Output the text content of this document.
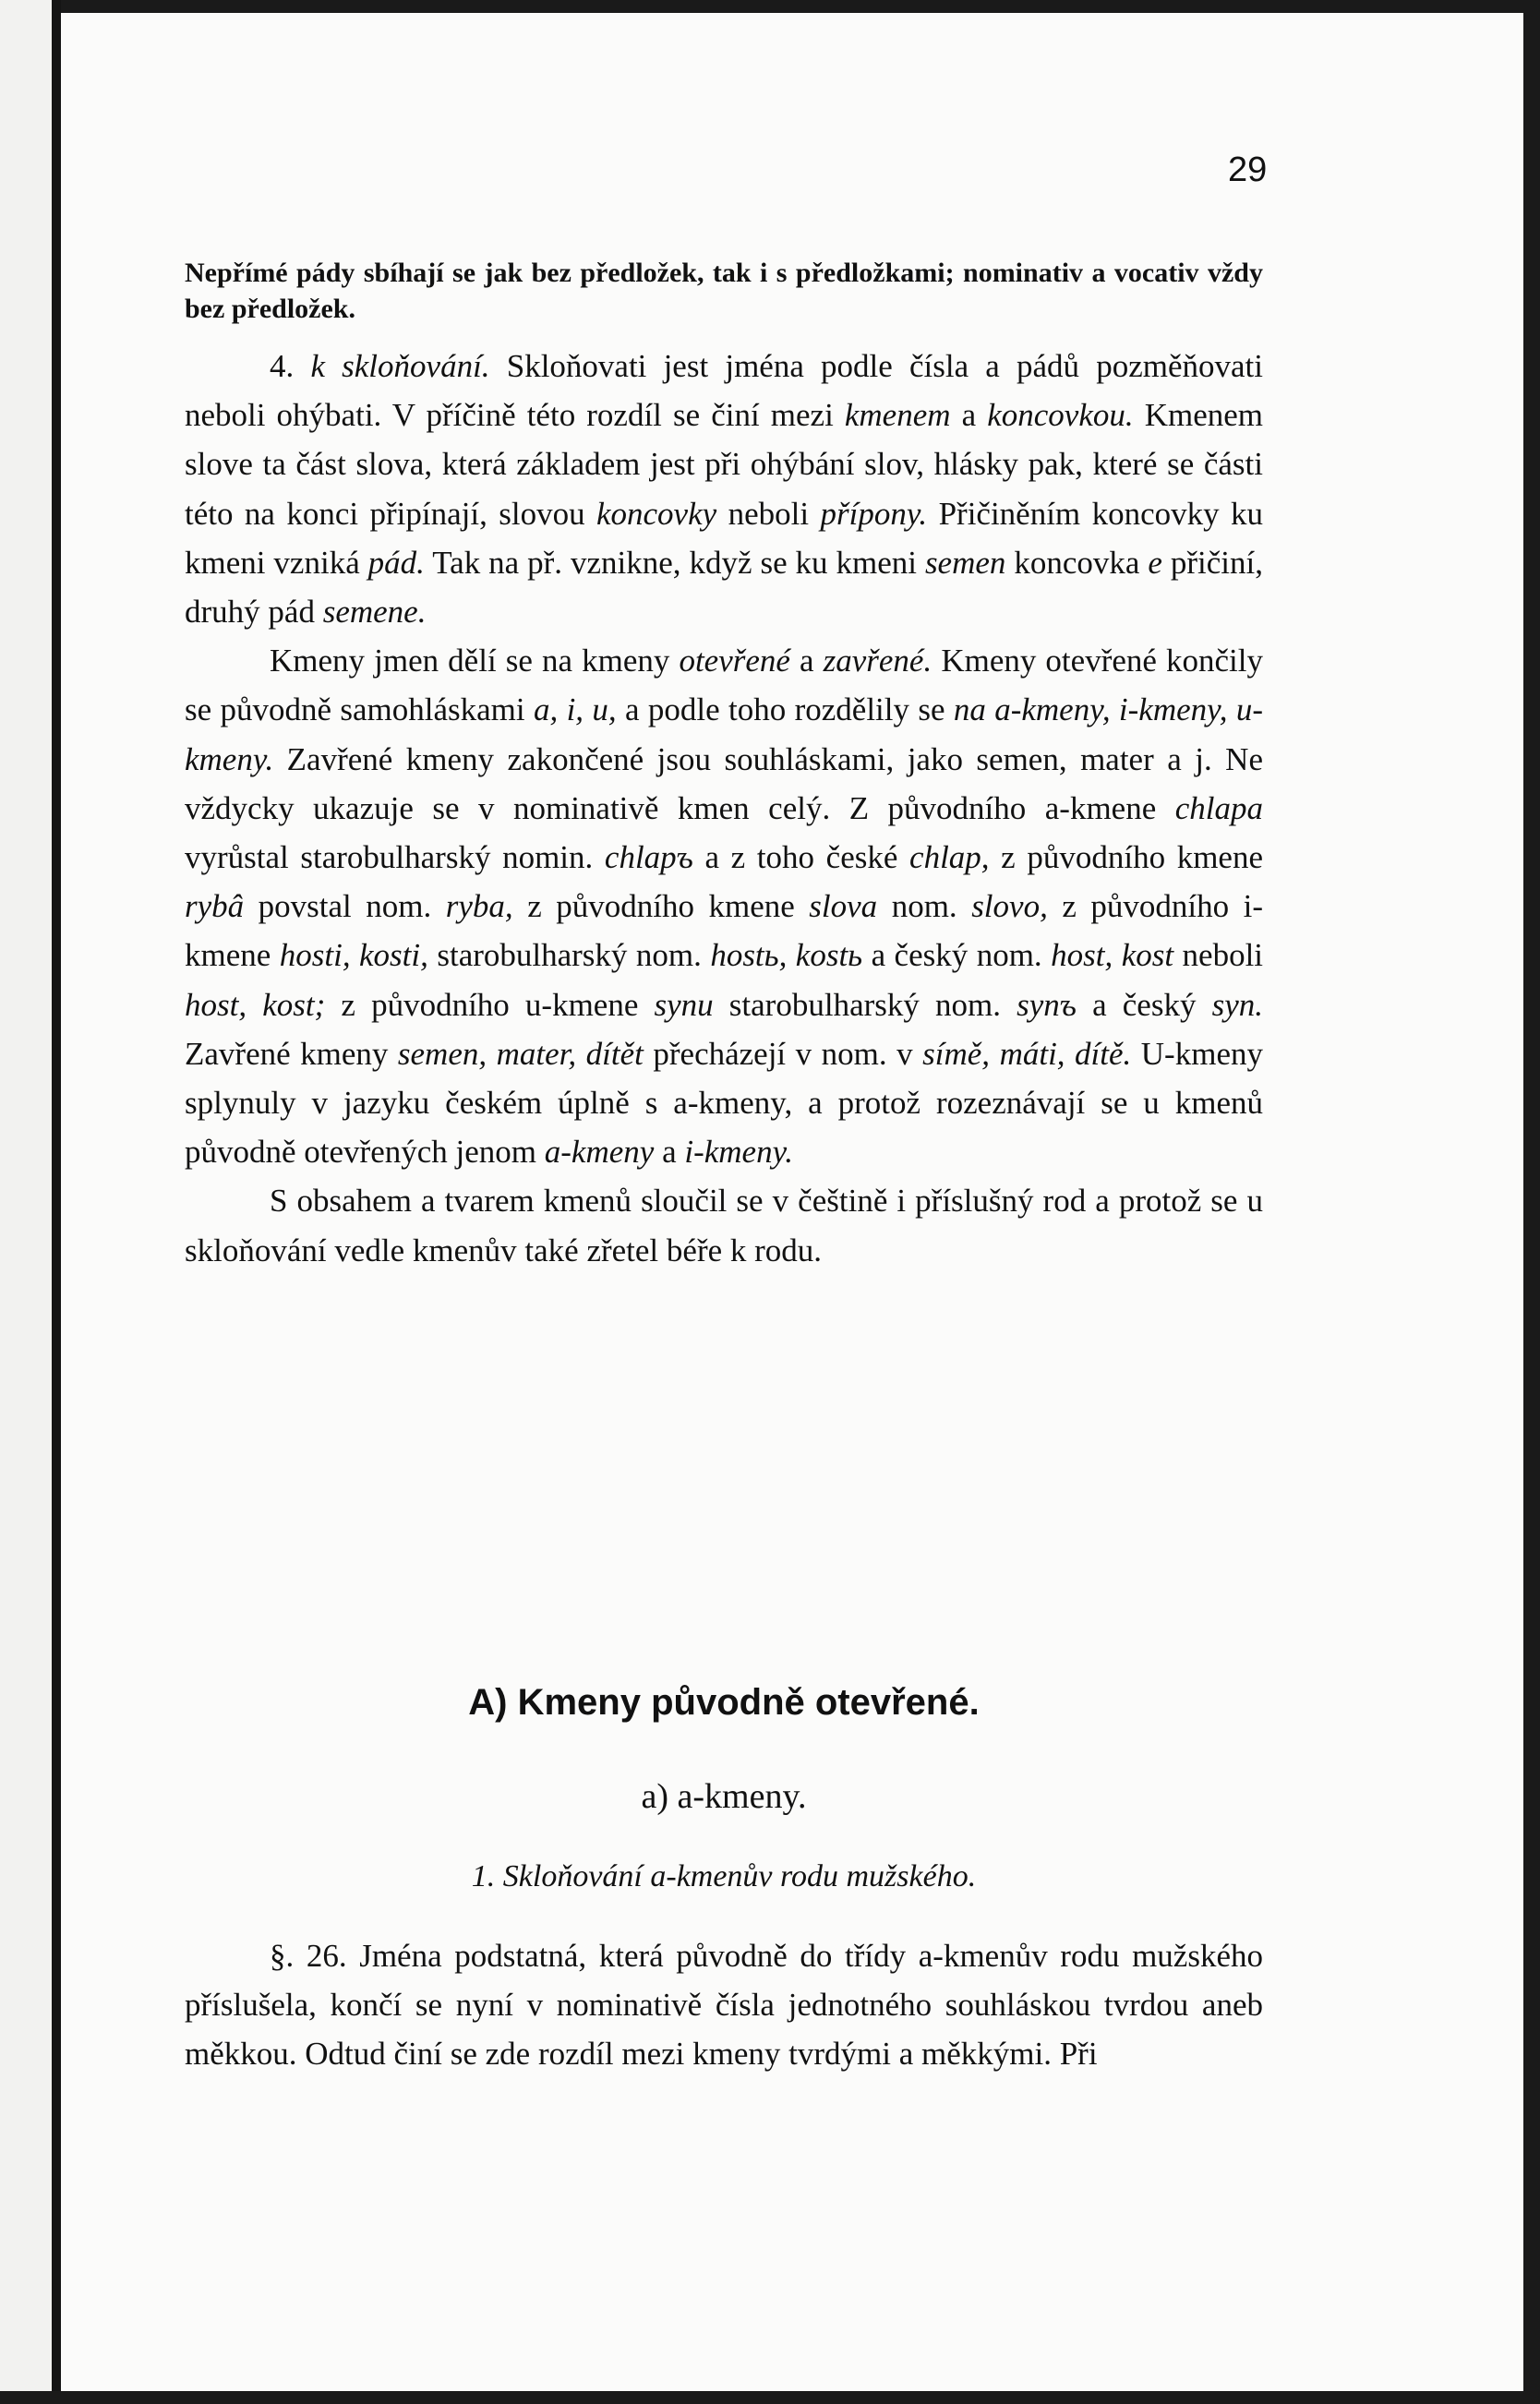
29
Nepřímé pády sbíhají se jak bez předložek, tak i s předložkami; nominativ a vocativ vždy bez předložek.

4. k skloňování. Skloňovati jest jména podle čísla a pádů pozměňovati neboli ohýbati. V příčině této rozdíl se činí mezi kmenem a koncovkou. Kmenem slove ta část slova, která základem jest při ohýbání slov, hlásky pak, které se části této na konci připínají, slovou koncovky neboli přípony. Přičiněním koncovky ku kmeni vzniká pád. Tak na př. vznikne, když se ku kmeni semen koncovka e přičiní, druhý pád semene.

Kmeny jmen dělí se na kmeny otevřené a zavřené. Kmeny otevřené končily se původně samohláskami a, i, u, a podle toho rozdělily se na a-kmeny, i-kmeny, u-kmeny. Zavřené kmeny zakončené jsou souhláskami, jako semen, mater a j. Ne vždycky ukazuje se v nominativě kmen celý. Z původního a-kmene chlapa vyrůstal starobulharský nomin. chlapъ a z toho české chlap, z původního kmene rybâ povstal nom. ryba, z původního kmene slova nom. slovo, z původního i-kmene hosti, kosti, starobulharský nom. hostь, kostь a český nom. host, kost neboli host, kost; z původního u-kmene synu starobulharský nom. synъ a český syn. Zavřené kmeny semen, mater, dítět přecházejí v nom. v símě, máti, dítě. U-kmeny splynuly v jazyku českém úplně s a-kmeny, a protož rozeznávají se u kmenů původně otevřených jenom a-kmeny a i-kmeny.

S obsahem a tvarem kmenů sloučil se v češtině i příslušný rod a protož se u skloňování vedle kmenův také zřetel béře k rodu.

A) Kmeny původně otevřené.
a) a-kmeny.
1. Skloňování a-kmenův rodu mužského.

§. 26. Jména podstatná, která původně do třídy a-kmenův rodu mužského příslušela, končí se nyní v nominativě čísla jednotného souhláskou tvrdou aneb měkkou. Odtud činí se zde rozdíl mezi kmeny tvrdými a měkkými. Při
